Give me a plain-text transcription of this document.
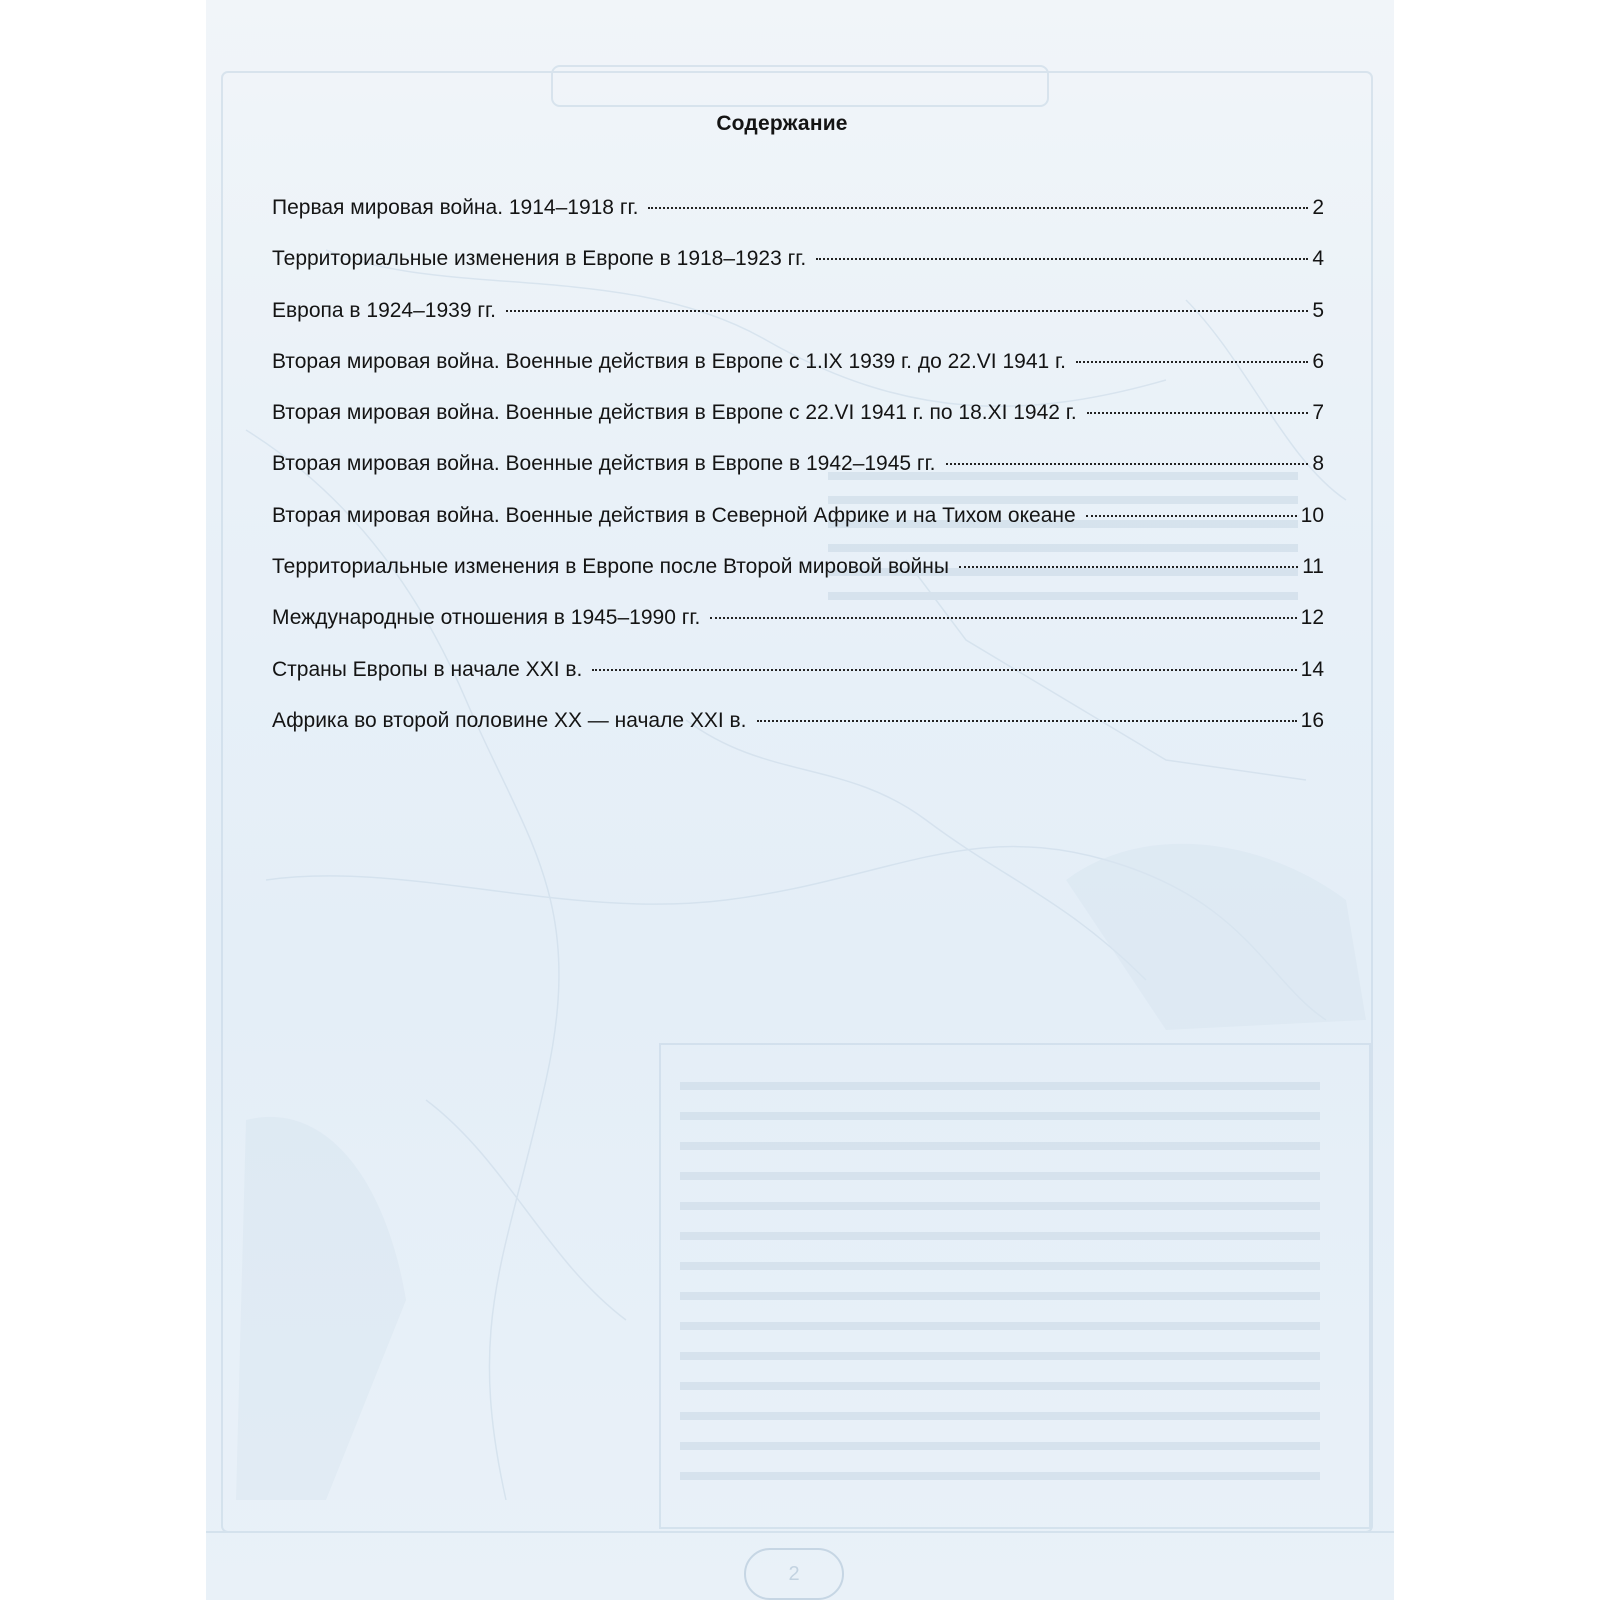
2
Содержание
Первая мировая война. 1914–1918 гг.	2
Территориальные изменения в Европе в 1918–1923 гг.	4
Европа в 1924–1939 гг.	5
Вторая мировая война. Военные действия в Европе с 1.IX 1939 г. до 22.VI 1941 г.	6
Вторая мировая война. Военные действия в Европе с 22.VI 1941 г. по 18.XI 1942 г.	7
Вторая мировая война. Военные действия в Европе в 1942–1945 гг.	8
Вторая мировая война. Военные действия в Северной Африке и на Тихом океане	10
Территориальные изменения в Европе после Второй мировой войны	11
Международные отношения в 1945–1990 гг.	12
Страны Европы в начале XXI в.	14
Африка во второй половине XX — начале XXI в.	16
